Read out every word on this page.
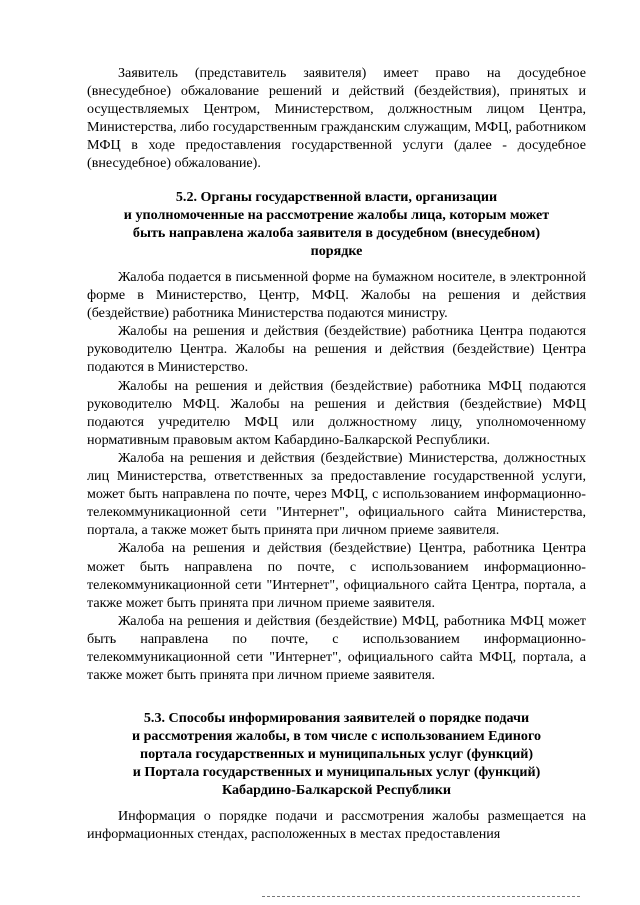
Заявитель (представитель заявителя) имеет право на досудебное (внесудебное) обжалование решений и действий (бездействия), принятых и осуществляемых Центром, Министерством, должностным лицом Центра, Министерства, либо государственным гражданским служащим, МФЦ, работником МФЦ в ходе предоставления государственной услуги (далее - досудебное (внесудебное) обжалование).

5.2. Органы государственной власти, организации
и уполномоченные на рассмотрение жалобы лица, которым может
быть направлена жалоба заявителя в досудебном (внесудебном)
порядке

Жалоба подается в письменной форме на бумажном носителе, в электронной форме в Министерство, Центр, МФЦ. Жалобы на решения и действия (бездействие) работника Министерства подаются министру.

Жалобы на решения и действия (бездействие) работника Центра подаются руководителю Центра. Жалобы на решения и действия (бездействие) Центра подаются в Министерство.

Жалобы на решения и действия (бездействие) работника МФЦ подаются руководителю МФЦ. Жалобы на решения и действия (бездействие) МФЦ подаются учредителю МФЦ или должностному лицу, уполномоченному нормативным правовым актом Кабардино-Балкарской Республики.

Жалоба на решения и действия (бездействие) Министерства, должностных лиц Министерства, ответственных за предоставление государственной услуги, может быть направлена по почте, через МФЦ, с использованием информационно-телекоммуникационной сети "Интернет", официального сайта Министерства, портала, а также может быть принята при личном приеме заявителя.

Жалоба на решения и действия (бездействие) Центра, работника Центра может быть направлена по почте, с использованием информационно-телекоммуникационной сети "Интернет", официального сайта Центра, портала, а также может быть принята при личном приеме заявителя.

Жалоба на решения и действия (бездействие) МФЦ, работника МФЦ может быть направлена по почте, с использованием информационно-телекоммуникационной сети "Интернет", официального сайта МФЦ, портала, а также может быть принята при личном приеме заявителя.

5.3. Способы информирования заявителей о порядке подачи
и рассмотрения жалобы, в том числе с использованием Единого
портала государственных и муниципальных услуг (функций)
и Портала государственных и муниципальных услуг (функций)
Кабардино-Балкарской Республики

Информация о порядке подачи и рассмотрения жалобы размещается на информационных стендах, расположенных в местах предоставления
